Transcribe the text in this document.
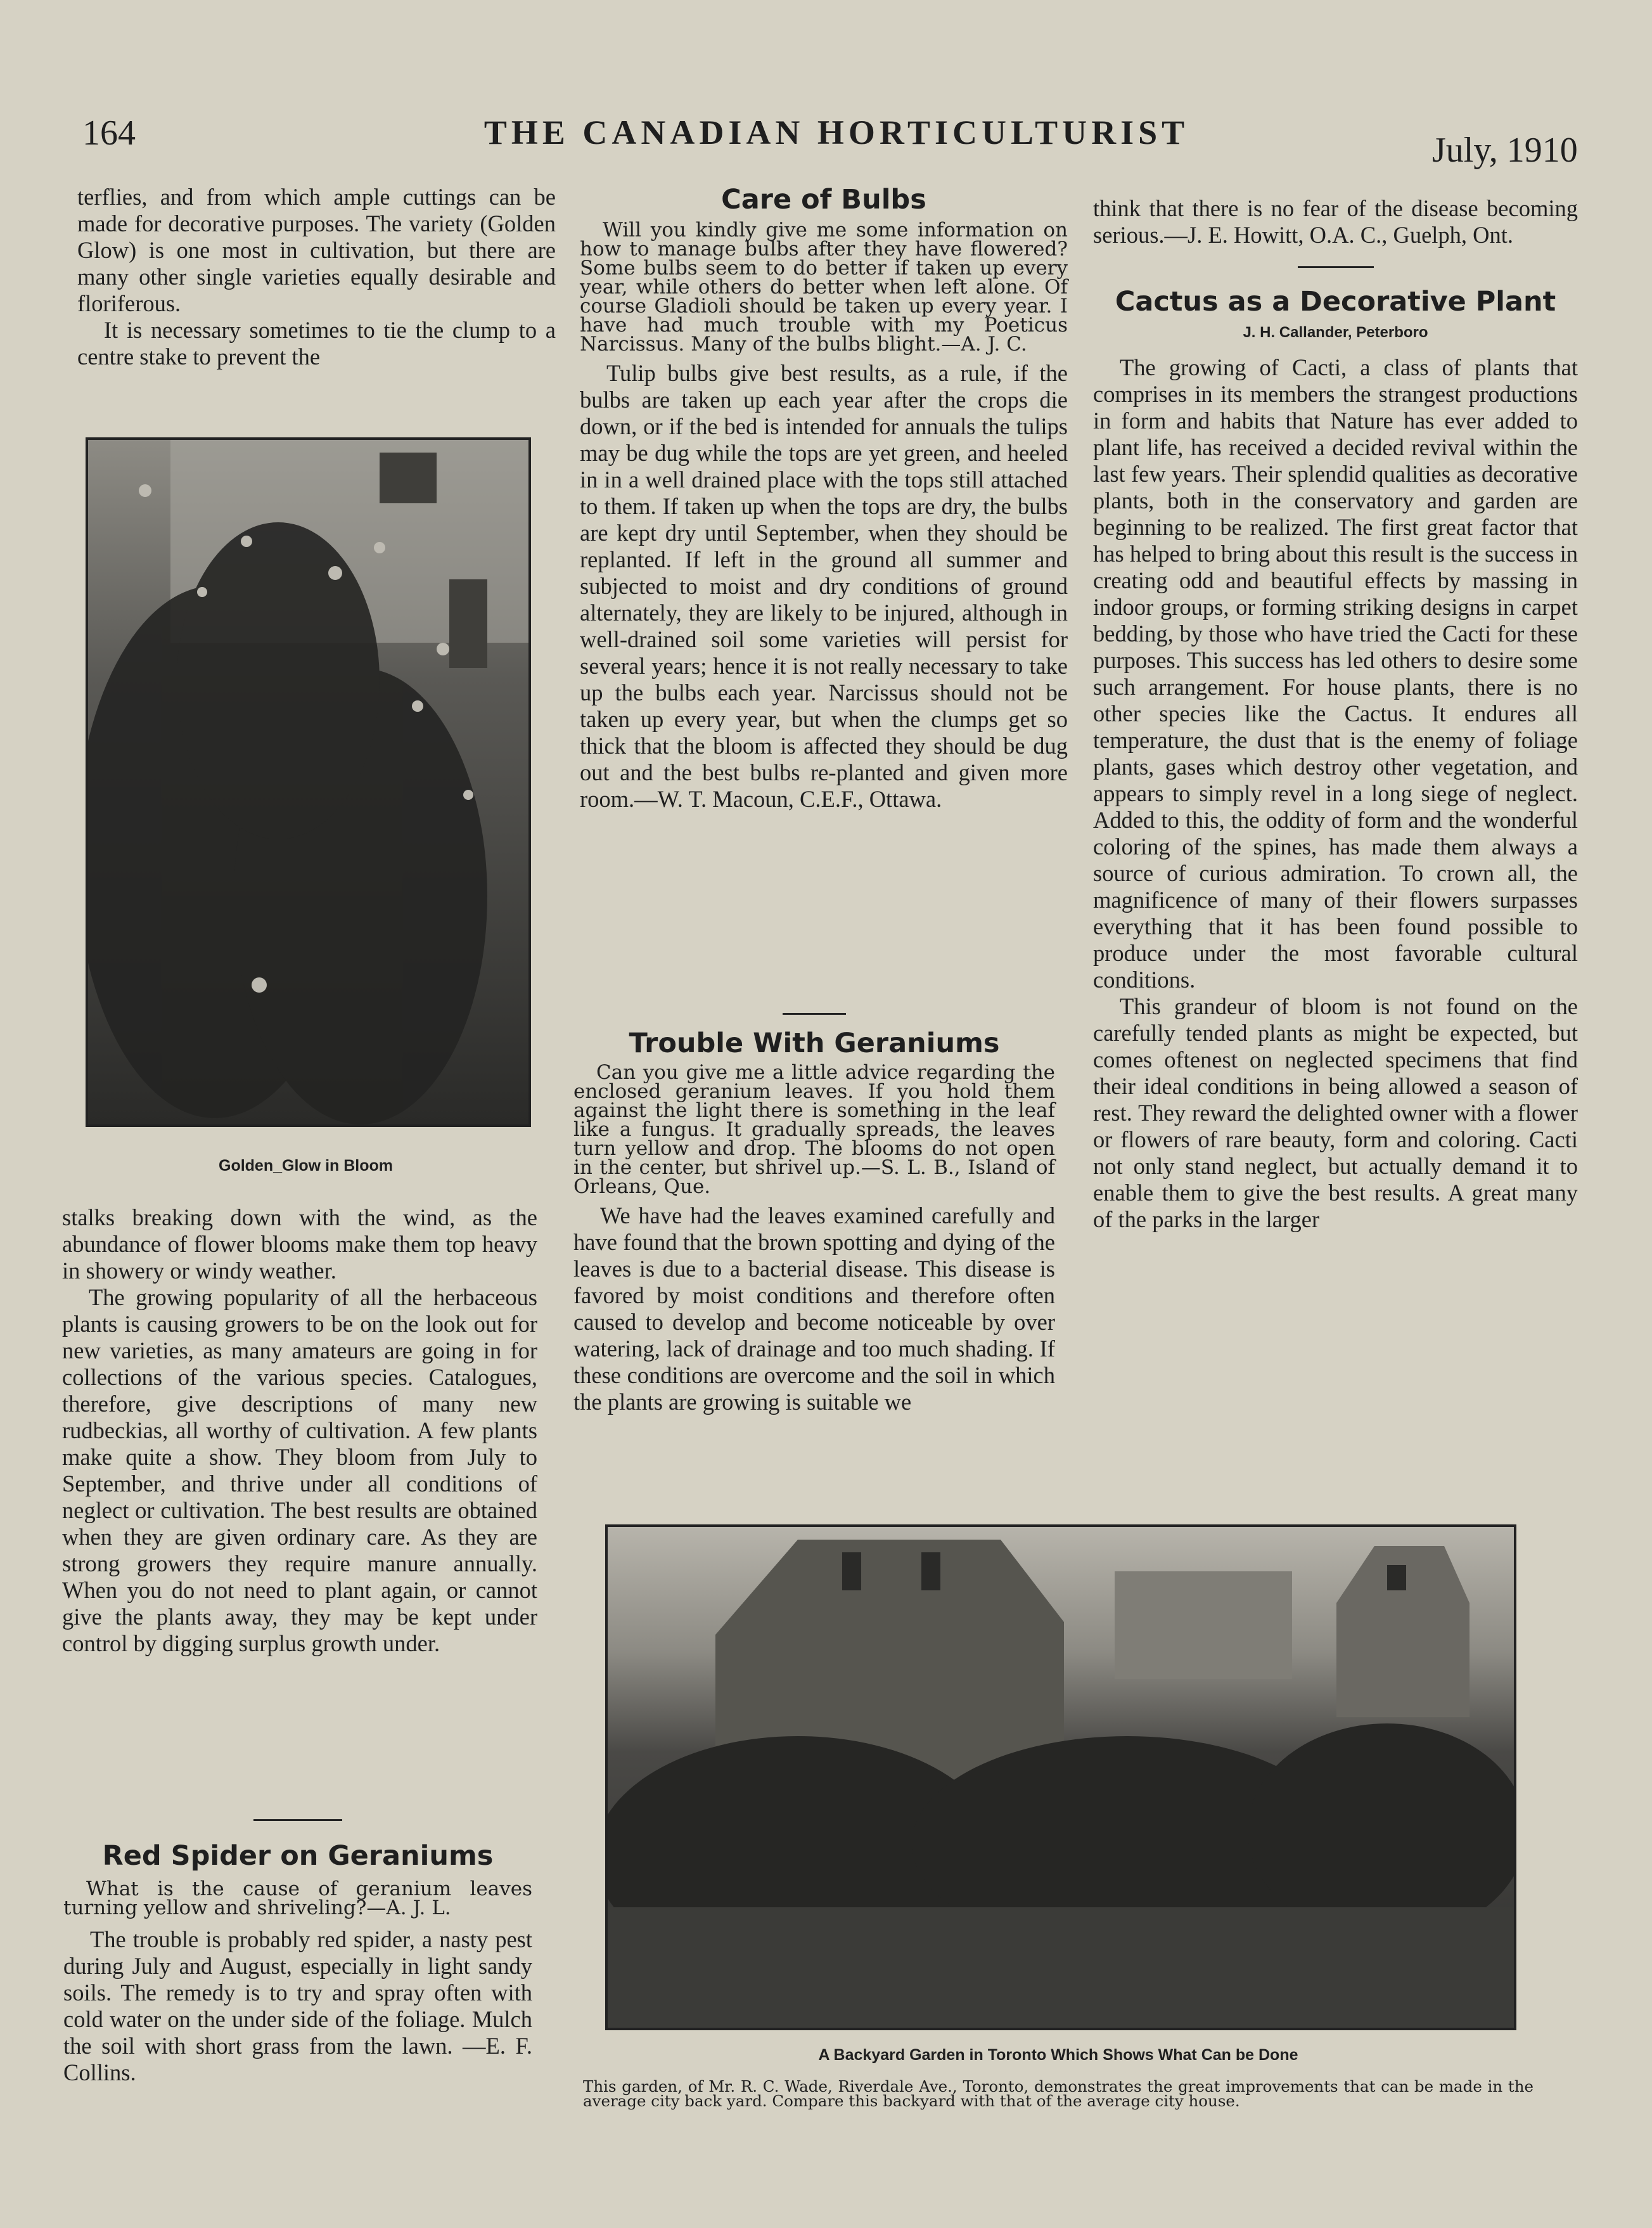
164	THE CANADIAN HORTICULTURIST	July, 1910

terflies, and from which ample cuttings can be made for decorative purposes. The variety (Golden Glow) is one most in cultivation, but there are many other single varieties equally desirable and floriferous.

It is necessary sometimes to tie the clump to a centre stake to prevent the

Golden_Glow in Bloom

stalks breaking down with the wind, as the abundance of flower blooms make them top heavy in showery or windy weather.

The growing popularity of all the herbaceous plants is causing growers to be on the look out for new varieties, as many amateurs are going in for collections of the various species. Catalogues, therefore, give descriptions of many new rudbeckias, all worthy of cultivation. A few plants make quite a show. They bloom from July to September, and thrive under all conditions of neglect or cultivation. The best results are obtained when they are given ordinary care. As they are strong growers they require manure annually. When you do not need to plant again, or cannot give the plants away, they may be kept under control by digging surplus growth under.

Red Spider on Geraniums

What is the cause of geranium leaves turning yellow and shriveling?—A. J. L.

The trouble is probably red spider, a nasty pest during July and August, especially in light sandy soils. The remedy is to try and spray often with cold water on the under side of the foliage. Mulch the soil with short grass from the lawn. —E. F. Collins.

Care of Bulbs

Will you kindly give me some information on how to manage bulbs after they have flowered? Some bulbs seem to do better if taken up every year, while others do better when left alone. Of course Gladioli should be taken up every year. I have had much trouble with my Poeticus Narcissus. Many of the bulbs blight.—A. J. C.

Tulip bulbs give best results, as a rule, if the bulbs are taken up each year after the crops die down, or if the bed is intended for annuals the tulips may be dug while the tops are yet green, and heeled in in a well drained place with the tops still attached to them. If taken up when the tops are dry, the bulbs are kept dry until September, when they should be replanted. If left in the ground all summer and subjected to moist and dry conditions of ground alternately, they are likely to be injured, although in well-drained soil some varieties will persist for several years; hence it is not really necessary to take up the bulbs each year. Narcissus should not be taken up every year, but when the clumps get so thick that the bloom is affected they should be dug out and the best bulbs re-planted and given more room.—W. T. Macoun, C.E.F., Ottawa.

Trouble With Geraniums

Can you give me a little advice regarding the enclosed geranium leaves. If you hold them against the light there is something in the leaf like a fungus. It gradually spreads, the leaves turn yellow and drop. The blooms do not open in the center, but shrivel up.—S. L. B., Island of Orleans, Que.

We have had the leaves examined carefully and have found that the brown spotting and dying of the leaves is due to a bacterial disease. This disease is favored by moist conditions and therefore often caused to develop and become noticeable by over watering, lack of drainage and too much shading. If these conditions are overcome and the soil in which the plants are growing is suitable we

think that there is no fear of the disease becoming serious.—J. E. Howitt, O.A. C., Guelph, Ont.

Cactus as a Decorative Plant
J. H. Callander, Peterboro

The growing of Cacti, a class of plants that comprises in its members the strangest productions in form and habits that Nature has ever added to plant life, has received a decided revival within the last few years. Their splendid qualities as decorative plants, both in the conservatory and garden are beginning to be realized. The first great factor that has helped to bring about this result is the success in creating odd and beautiful effects by massing in indoor groups, or forming striking designs in carpet bedding, by those who have tried the Cacti for these purposes. This success has led others to desire some such arrangement. For house plants, there is no other species like the Cactus. It endures all temperature, the dust that is the enemy of foliage plants, gases which destroy other vegetation, and appears to simply revel in a long siege of neglect. Added to this, the oddity of form and the wonderful coloring of the spines, has made them always a source of curious admiration. To crown all, the magnificence of many of their flowers surpasses everything that it has been found possible to produce under the most favorable cultural conditions.

This grandeur of bloom is not found on the carefully tended plants as might be expected, but comes oftenest on neglected specimens that find their ideal conditions in being allowed a season of rest. They reward the delighted owner with a flower or flowers of rare beauty, form and coloring. Cacti not only stand neglect, but actually demand it to enable them to give the best results. A great many of the parks in the larger

A Backyard Garden in Toronto Which Shows What Can be Done
This garden, of Mr. R. C. Wade, Riverdale Ave., Toronto, demonstrates the great improvements that can be made in the average city back yard. Compare this backyard with that of the average city house.
